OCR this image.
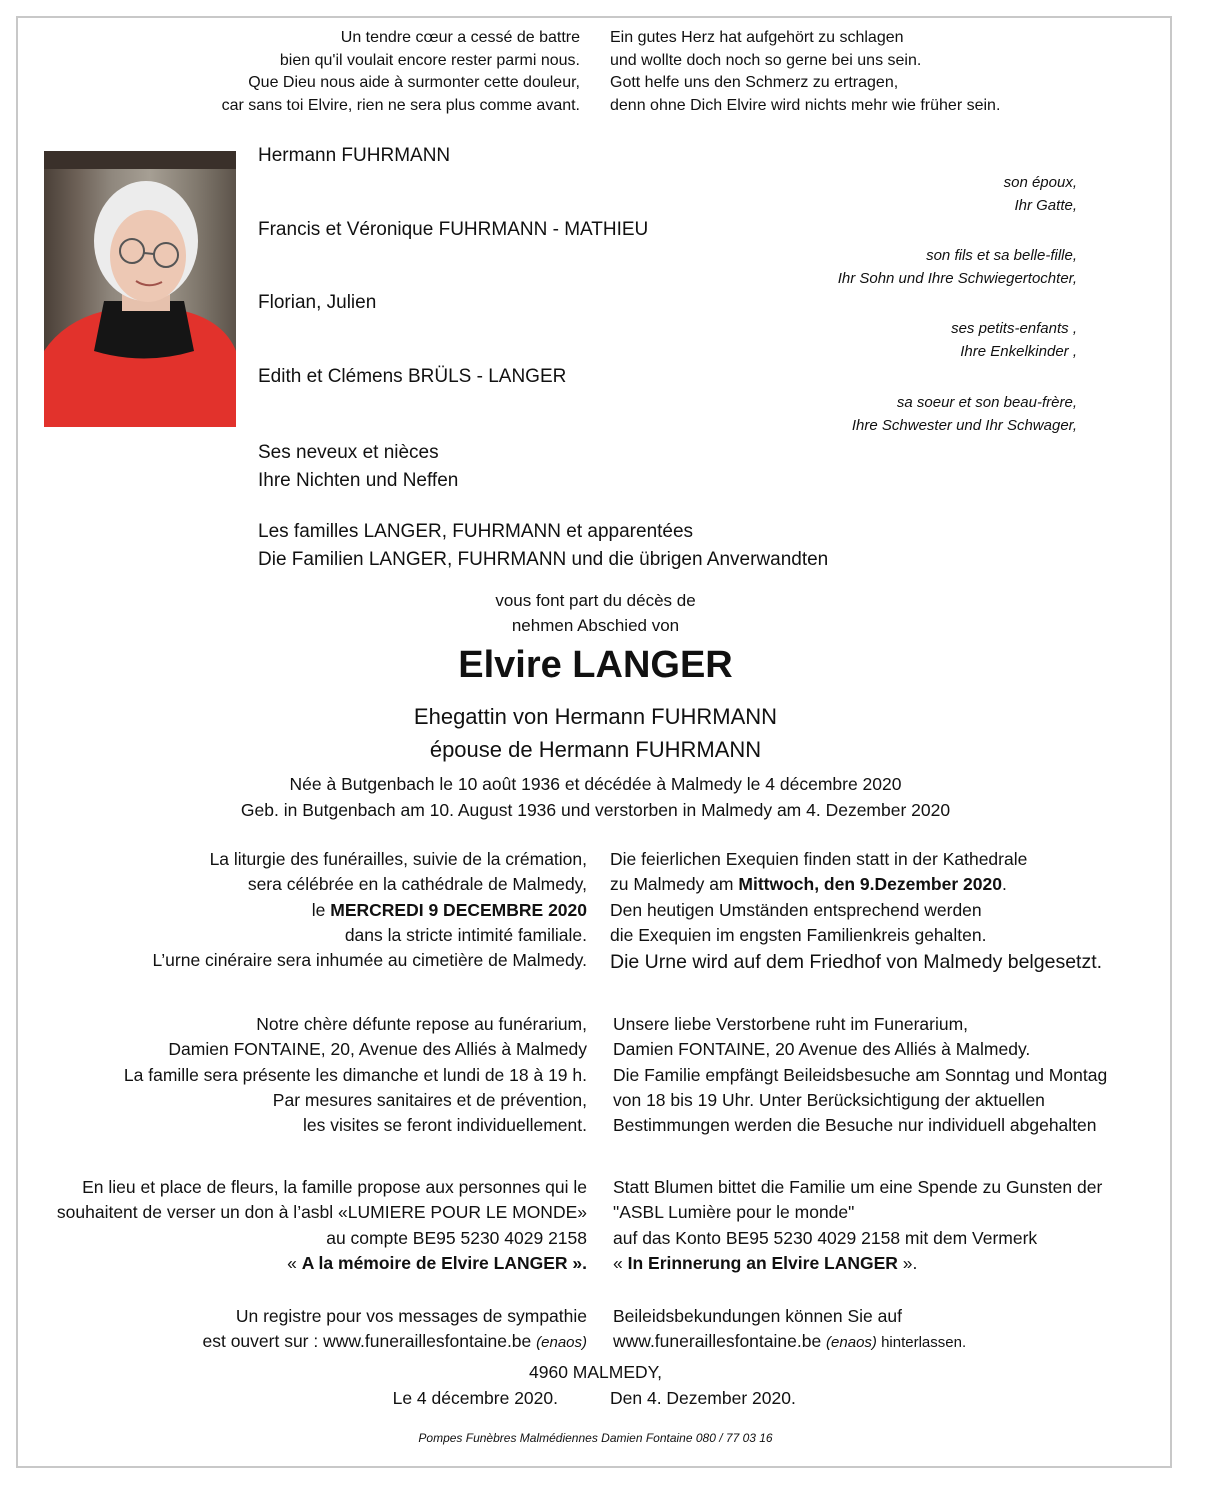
Un tendre cœur a cessé de battre
bien qu'il voulait encore rester parmi nous.
Que Dieu nous aide à surmonter cette douleur,
car sans toi Elvire, rien ne sera plus comme avant.
Ein gutes Herz hat aufgehört zu schlagen
und wollte doch noch so gerne bei uns sein.
Gott helfe uns den Schmerz zu ertragen,
denn ohne Dich Elvire wird nichts mehr wie früher sein.
Hermann FUHRMANN
son époux,
Ihr Gatte,
Francis et Véronique FUHRMANN - MATHIEU
son fils et sa belle-fille,
Ihr Sohn und Ihre Schwiegertochter,
Florian, Julien
ses petits-enfants ,
Ihre Enkelkinder ,
Edith et Clémens BRÜLS - LANGER
sa soeur et son beau-frère,
Ihre Schwester und Ihr Schwager,
Ses neveux et nièces
Ihre Nichten und Neffen
Les familles LANGER, FUHRMANN et apparentées
Die Familien LANGER, FUHRMANN und die übrigen Anverwandten
vous font part du décès de
nehmen Abschied von
Elvire LANGER
Ehegattin von Hermann FUHRMANN
épouse de Hermann FUHRMANN
Née à Butgenbach le 10 août 1936 et décédée à Malmedy le 4 décembre 2020
Geb. in Butgenbach am 10. August 1936 und verstorben in Malmedy am 4. Dezember 2020
La liturgie des funérailles, suivie de la crémation,
sera célébrée en la cathédrale de Malmedy,
le MERCREDI 9 DECEMBRE 2020
dans la stricte intimité familiale.
L’urne cinéraire sera inhumée au cimetière de Malmedy.
Die feierlichen Exequien finden statt in der Kathedrale
zu Malmedy am Mittwoch, den 9.Dezember 2020.
Den heutigen Umständen entsprechend werden
die Exequien im engsten Familienkreis gehalten.
Die Urne wird auf dem Friedhof von Malmedy belgesetzt.
Notre chère défunte repose au funérarium,
Damien FONTAINE, 20, Avenue des Alliés à Malmedy
La famille sera présente les dimanche et lundi de 18 à 19 h.
Par mesures sanitaires et de prévention,
les visites se feront individuellement.
Unsere liebe Verstorbene ruht im Funerarium,
Damien FONTAINE, 20 Avenue des Alliés à Malmedy.
Die Familie empfängt Beileidsbesuche am Sonntag und Montag
von 18 bis 19 Uhr. Unter Berücksichtigung der aktuellen
Bestimmungen werden die Besuche nur individuell abgehalten
En lieu et place de fleurs, la famille propose aux personnes qui le
souhaitent de verser un don à l’asbl «LUMIERE POUR LE MONDE»
au compte BE95 5230 4029 2158
« A la mémoire de Elvire LANGER ».
Statt Blumen bittet die Familie um eine Spende zu Gunsten der
"ASBL Lumière pour le monde"
auf das Konto BE95 5230 4029 2158 mit dem Vermerk
« In Erinnerung an Elvire LANGER ».
Un registre pour vos messages de sympathie
est ouvert sur : www.funeraillesfontaine.be (enaos)
Beileidsbekundungen können Sie auf
www.funeraillesfontaine.be (enaos) hinterlassen.
4960 MALMEDY,
Le 4 décembre 2020.	Den 4. Dezember 2020.
Pompes Funèbres Malmédiennes Damien Fontaine 080 / 77 03 16
